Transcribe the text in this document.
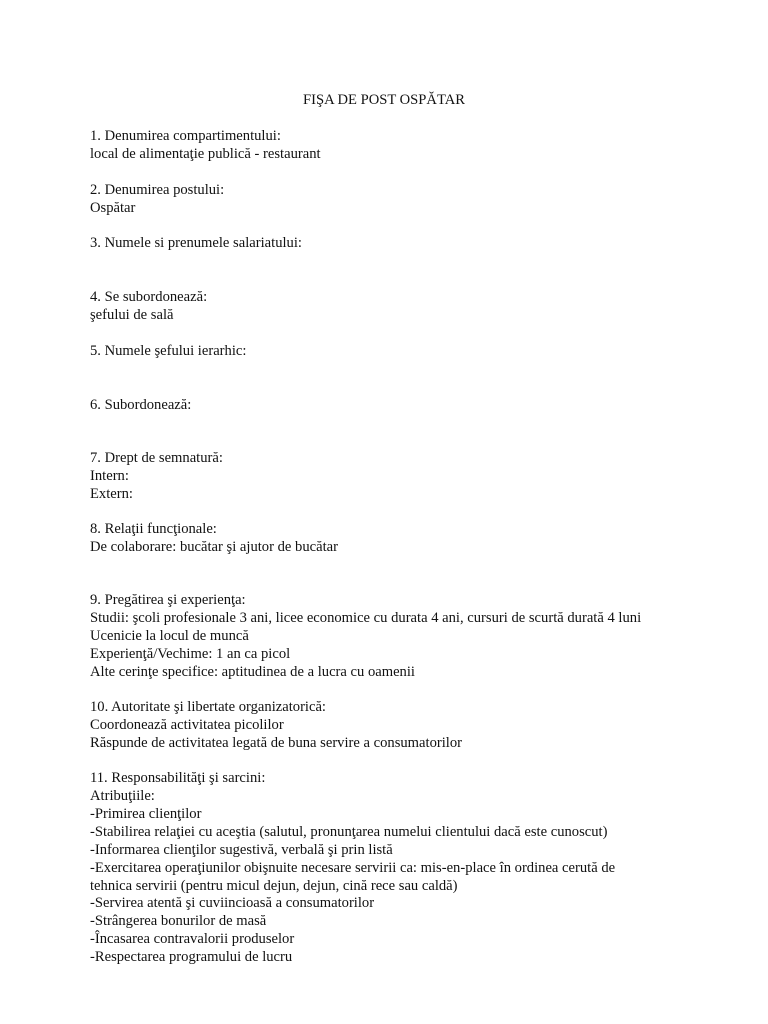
FIŞA DE POST OSPĂTAR
1. Denumirea compartimentului:
local de alimentaţie publică - restaurant
2. Denumirea postului:
Ospătar
3. Numele si prenumele salariatului:
4. Se subordonează:
şefului de sală
5. Numele şefului ierarhic:
6. Subordonează:
7. Drept de semnatură:
Intern:
Extern:
8. Relaţii funcţionale:
De colaborare: bucătar şi ajutor de bucătar
9. Pregătirea şi experienţa:
Studii: şcoli profesionale 3 ani, licee economice cu durata 4 ani, cursuri de scurtă durată 4 luni
Ucenicie la locul de muncă
Experienţă/Vechime: 1 an ca picol
Alte cerinţe specifice: aptitudinea de a lucra cu oamenii
10. Autoritate şi libertate organizatorică:
Coordonează activitatea picolilor
Răspunde de activitatea legată de buna servire a consumatorilor
11. Responsabilităţi şi sarcini:
Atribuţiile:
-Primirea clienţilor
-Stabilirea relaţiei cu aceştia (salutul, pronunţarea numelui clientului dacă este cunoscut)
-Informarea clienţilor sugestivă, verbală şi prin listă
-Exercitarea operaţiunilor obişnuite necesare servirii ca: mis-en-place în ordinea cerută de
tehnica servirii (pentru micul dejun, dejun, cină rece sau caldă)
-Servirea atentă şi cuviincioasă a consumatorilor
-Strângerea bonurilor de masă
-Încasarea contravalorii produselor
-Respectarea programului de lucru
